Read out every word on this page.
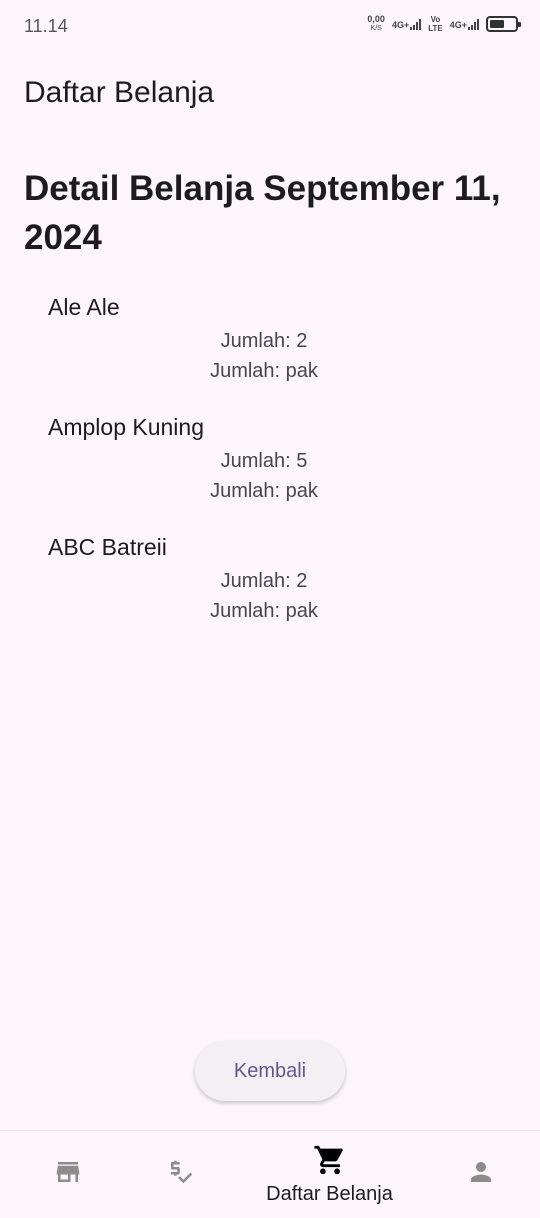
11.14	0,00
K/S 4G+	Vo
LTE 4G+
Daftar Belanja
Detail Belanja September 11, 2024
Ale Ale
Jumlah: 2
Jumlah: pak
Amplop Kuning
Jumlah: 5
Jumlah: pak
ABC Batreii
Jumlah: 2
Jumlah: pak
Kembali
Daftar Belanja
